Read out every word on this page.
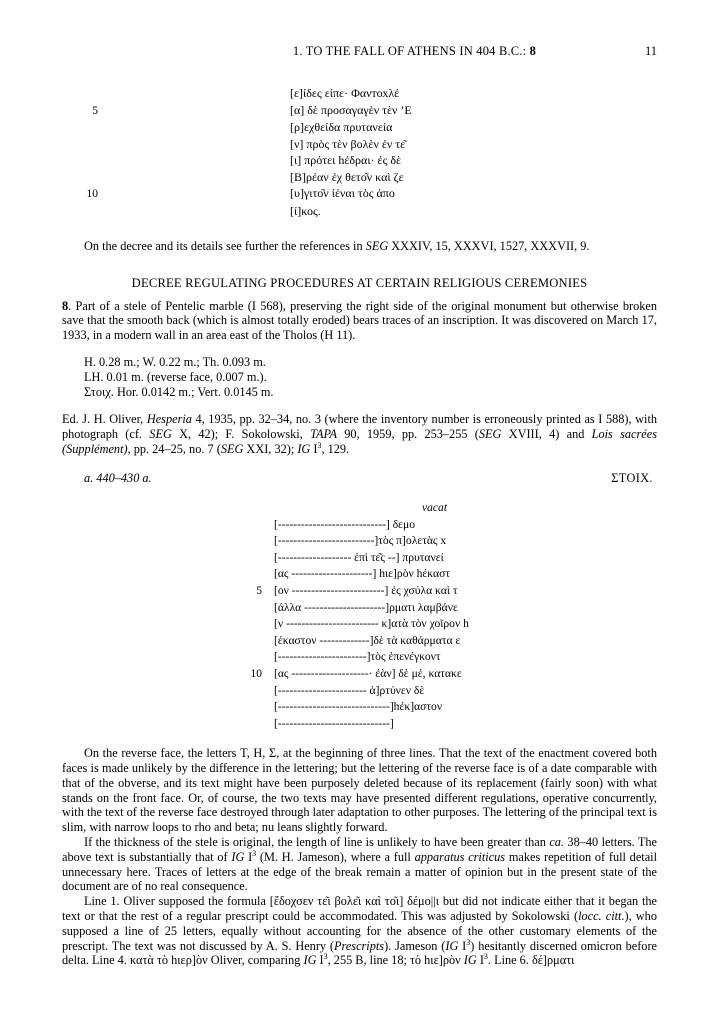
1. TO THE FALL OF ATHENS IN 404 B.C.: 8	11
[ε]ίδες είπε· Φανтохλέ
5	[α] δὲ προσαγαγὲν τὲν ’Ε
[ρ]εχθείδα πρυτανεία
[ν] πρὸς τὲν βολὲν ἐν τε͂
[ι] πρότει hέδραι· ἐς δὲ
[Β]ρέαν ἐχ θετο͂ν καὶ ζε
10	[υ]γιτο͂ν ἰέναι τὸς ἀπο
[ί]κος.

On the decree and its details see further the references in SEG XXXIV, 15, XXXVI, 1527, XXXVII, 9.

DECREE REGULATING PROCEDURES AT CERTAIN RELIGIOUS CEREMONIES

8. Part of a stele of Pentelic marble (I 568), preserving the right side of the original monument but otherwise broken save that the smooth back (which is almost totally eroded) bears traces of an inscription. It was discovered on March 17, 1933, in a modern wall in an area east of the Tholos (H 11).

H. 0.28 m.; W. 0.22 m.; Th. 0.093 m.
LH. 0.01 m. (reverse face, 0.007 m.).
Στοιχ. Hor. 0.0142 m.; Vert. 0.0145 m.

Ed. J. H. Oliver, Hesperia 4, 1935, pp. 32–34, no. 3 (where the inventory number is erroneously printed as I 588), with photograph (cf. SEG X, 42); F. Sokolowski, TAPA 90, 1959, pp. 253–255 (SEG XVIII, 4) and Lois sacrées (Supplément), pp. 24–25, no. 7 (SEG XXI, 32); IG $I^3$, 129.

a. 440–430 a.	ΣΤΟΙΧ.
vacat
[----------------------------] δεμο
[-------------------------]τὸς π]ολετὰς x
[------------------- ἐπὶ τε͂ς --] πρυτανεί
[ας ---------------------] hιε]ρὸν hέκαστ
5	[ον ------------------------] ἐς χσύλα καὶ τ
[άλλα ---------------------]ρματι λαμβάνε
[ν ------------------------ κ]ατὰ τὸν χοῖρον h
[έκαστον -------------]δὲ τὰ καθάρματα ε
[-----------------------]τὸς ἐπενέγκοντ
10	[ας --------------------· ἐὰν] δὲ μέ, κατακε
[----------------------- ἀ]ρτύνεν δὲ
[-----------------------------]hέκ]αστον
[-----------------------------]

On the reverse face, the letters Τ, Η, Σ, at the beginning of three lines. That the text of the enactment covered both faces is made unlikely by the difference in the lettering; but the lettering of the reverse face is of a date comparable with that of the obverse, and its text might have been purposely deleted because of its replacement (fairly soon) with what stands on the front face. Or, of course, the two texts may have presented different regulations, operative concurrently, with the text of the reverse face destroyed through later adaptation to other purposes. The lettering of the principal text is slim, with narrow loops to rho and beta; nu leans slightly forward.

If the thickness of the stele is original, the length of line is unlikely to have been greater than ca. 38–40 letters. The above text is substantially that of IG $I^3$ (M. H. Jameson), where a full apparatus criticus makes repetition of full detail unnecessary here. Traces of letters at the edge of the break remain a matter of opinion but in the present state of the document are of no real consequence.

Line 1. Oliver supposed the formula [ἔδοχσεν τε͂ι βολε͂ι καὶ το͂ι] δέμο||ι but did not indicate either that it began the text or that the rest of a regular prescript could be accommodated. This was adjusted by Sokolowski (locc. citt.), who supposed a line of 25 letters, equally without accounting for the absence of the other customary elements of the prescript. The text was not discussed by A. S. Henry (Prescripts). Jameson (IG $I^3$) hesitantly discerned omicron before delta. Line 4. κατὰ τὸ hιερ]ὸν Oliver, comparing IG $I^3$, 255 B, line 18; τὸ hιε]ρὸν IG $I^3$. Line 6. δέ]ρματι
